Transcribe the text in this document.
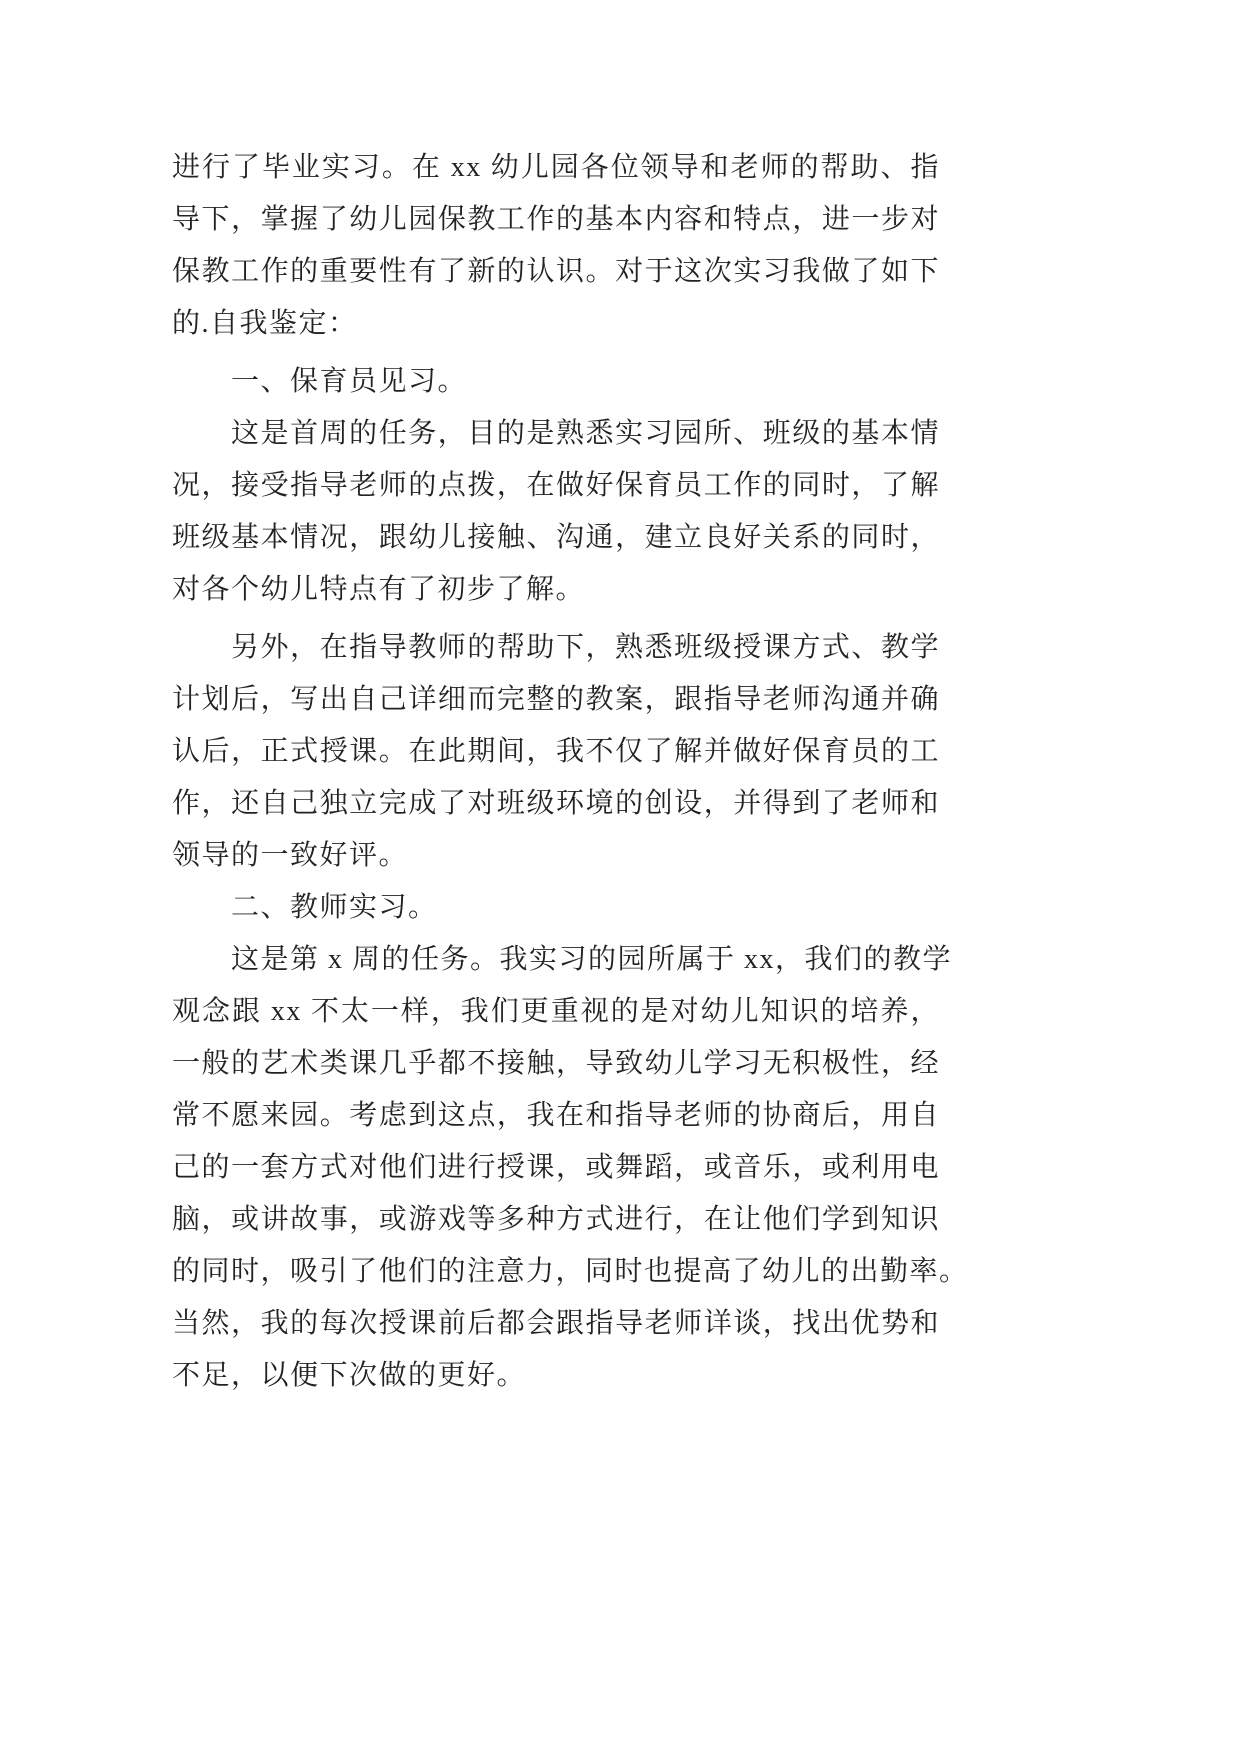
进行了毕业实习。在 xx 幼儿园各位领导和老师的帮助、指
导下，掌握了幼儿园保教工作的基本内容和特点，进一步对
保教工作的重要性有了新的认识。对于这次实习我做了如下
的.自我鉴定：
一、保育员见习。
这是首周的任务，目的是熟悉实习园所、班级的基本情
况，接受指导老师的点拨，在做好保育员工作的同时，了解
班级基本情况，跟幼儿接触、沟通，建立良好关系的同时，
对各个幼儿特点有了初步了解。
另外，在指导教师的帮助下，熟悉班级授课方式、教学
计划后，写出自己详细而完整的教案，跟指导老师沟通并确
认后，正式授课。在此期间，我不仅了解并做好保育员的工
作，还自己独立完成了对班级环境的创设，并得到了老师和
领导的一致好评。
二、教师实习。
这是第 x 周的任务。我实习的园所属于 xx，我们的教学
观念跟 xx 不太一样，我们更重视的是对幼儿知识的培养，
一般的艺术类课几乎都不接触，导致幼儿学习无积极性，经
常不愿来园。考虑到这点，我在和指导老师的协商后，用自
己的一套方式对他们进行授课，或舞蹈，或音乐，或利用电
脑，或讲故事，或游戏等多种方式进行，在让他们学到知识
的同时，吸引了他们的注意力，同时也提高了幼儿的出勤率。
当然，我的每次授课前后都会跟指导老师详谈，找出优势和
不足，以便下次做的更好。
